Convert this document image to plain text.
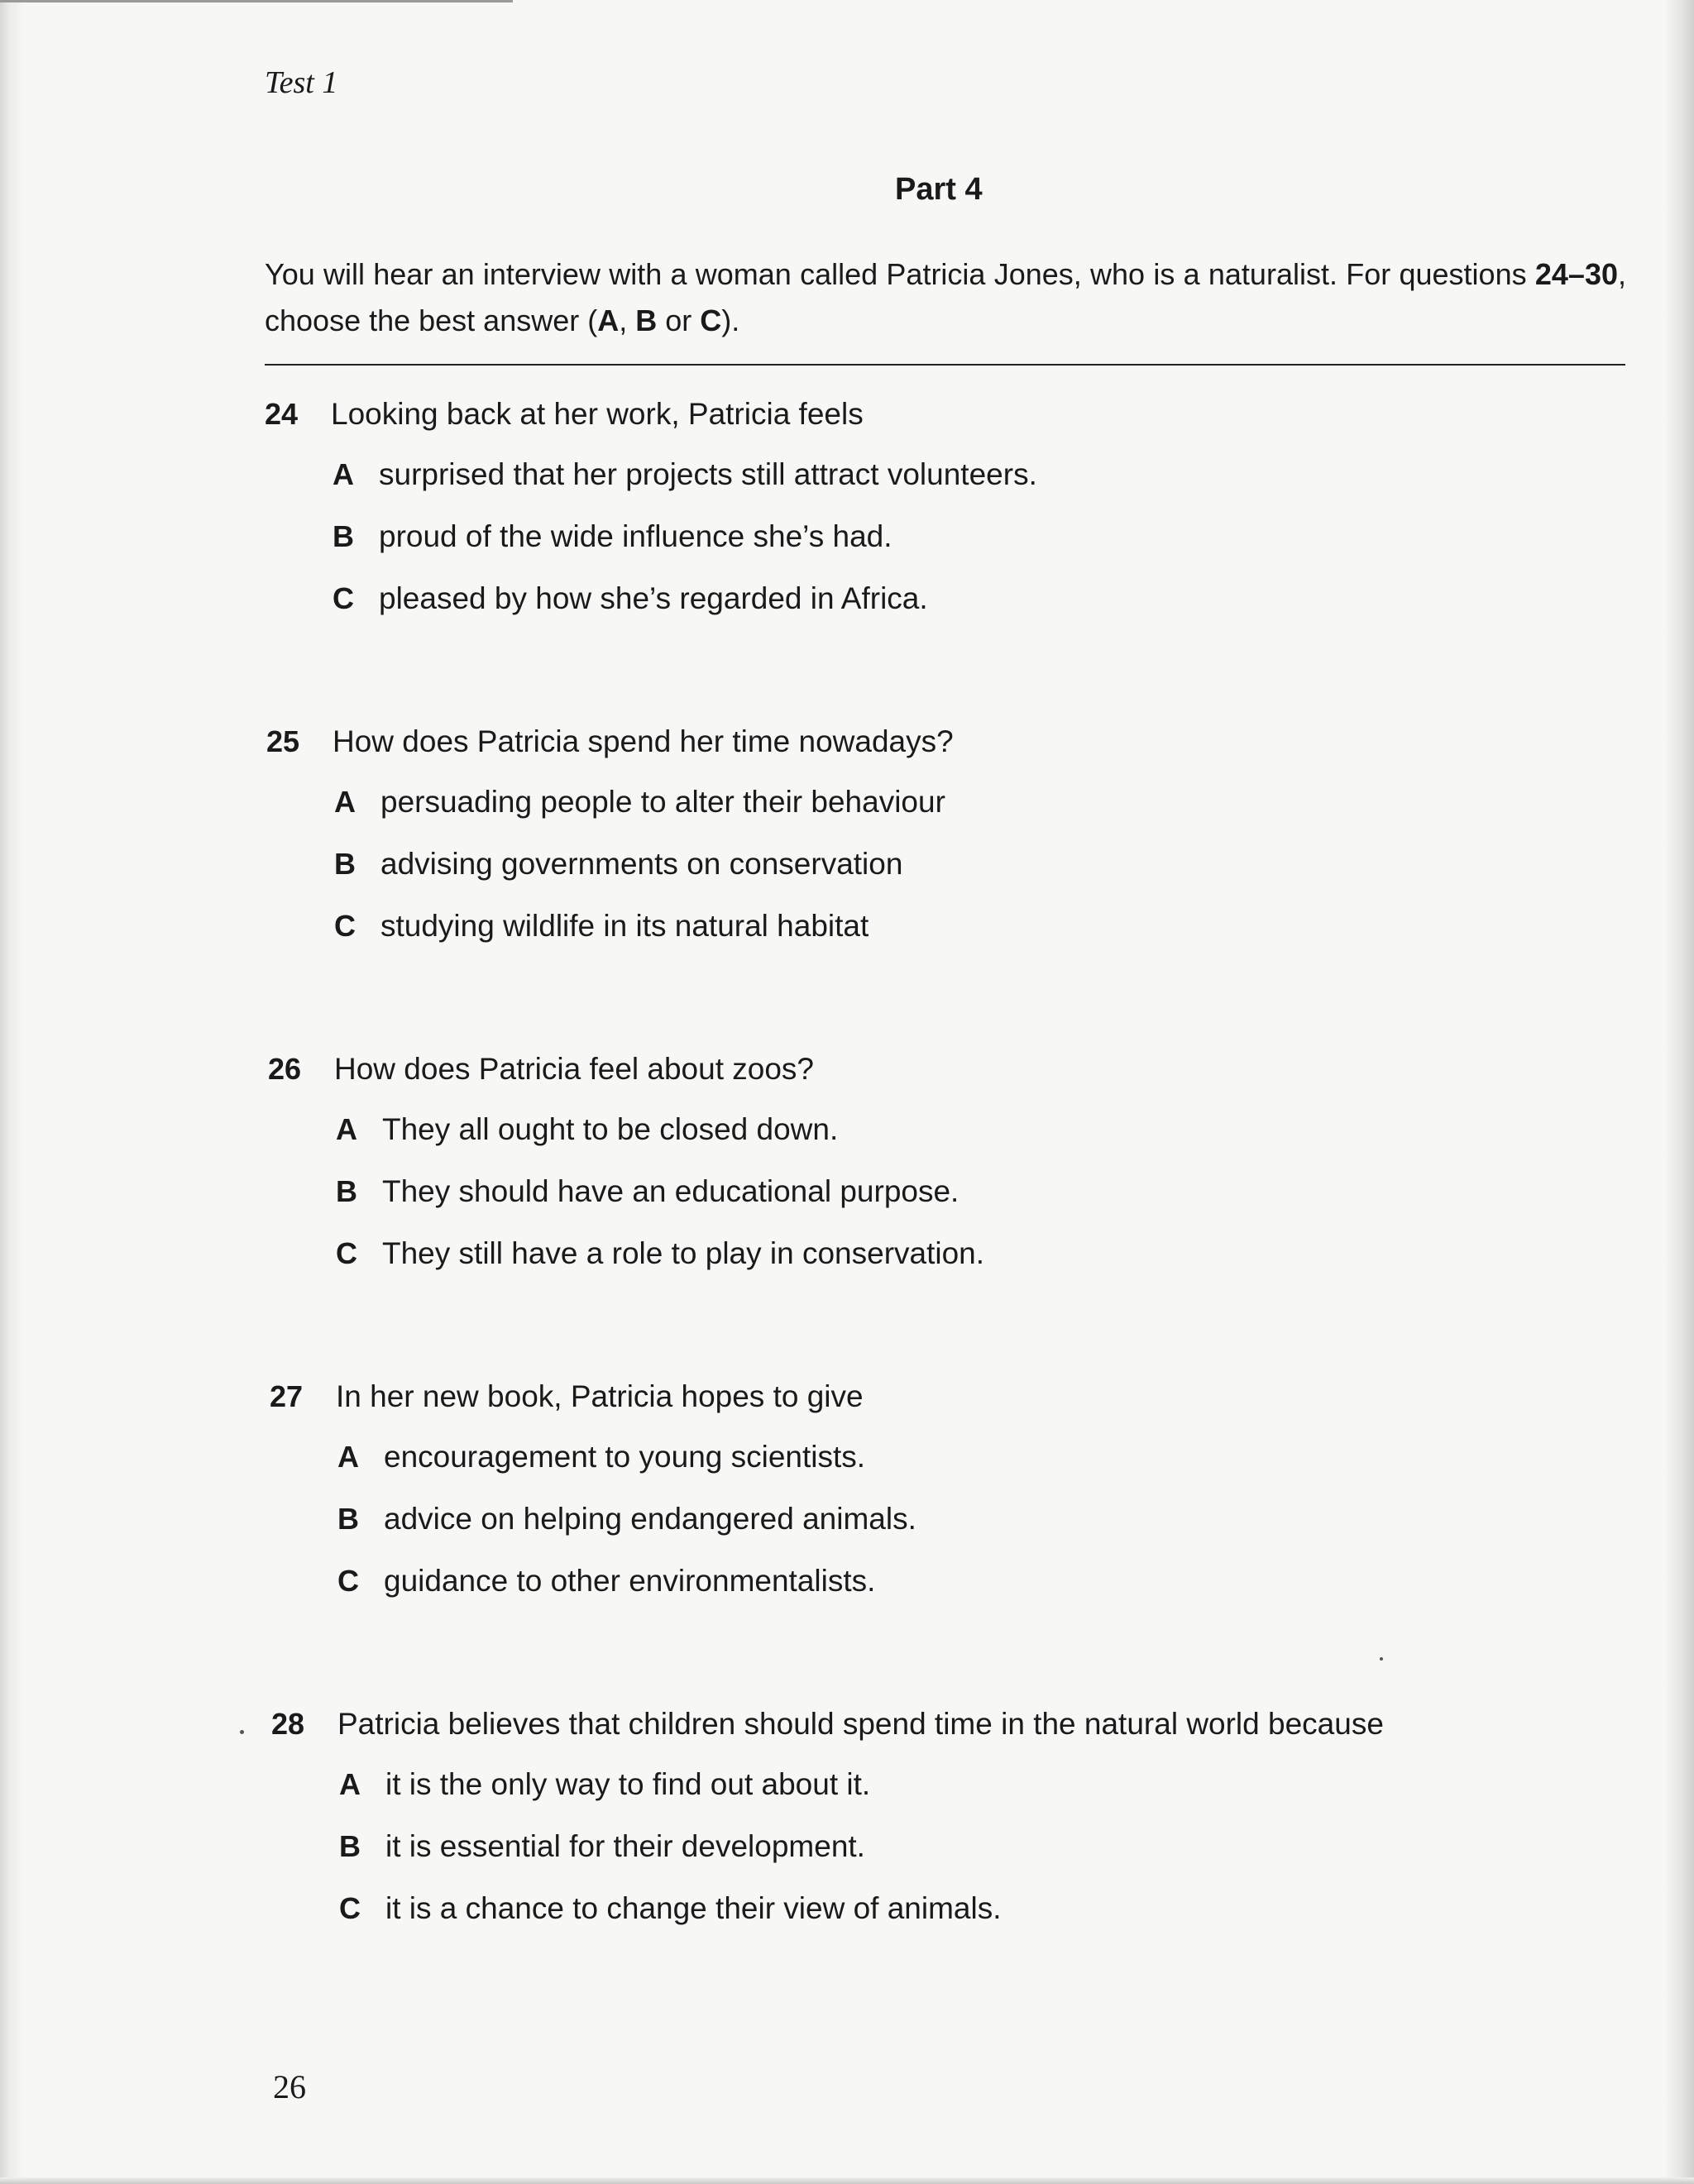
Test 1
Part 4
You will hear an interview with a woman called Patricia Jones, who is a naturalist. For questions 24–30, choose the best answer (A, B or C).
24 Looking back at her work, Patricia feels
A surprised that her projects still attract volunteers.
B proud of the wide influence she’s had.
C pleased by how she’s regarded in Africa.
25 How does Patricia spend her time nowadays?
A persuading people to alter their behaviour
B advising governments on conservation
C studying wildlife in its natural habitat
26 How does Patricia feel about zoos?
A They all ought to be closed down.
B They should have an educational purpose.
C They still have a role to play in conservation.
27 In her new book, Patricia hopes to give
A encouragement to young scientists.
B advice on helping endangered animals.
C guidance to other environmentalists.
28 Patricia believes that children should spend time in the natural world because
A it is the only way to find out about it.
B it is essential for their development.
C it is a chance to change their view of animals.
26
